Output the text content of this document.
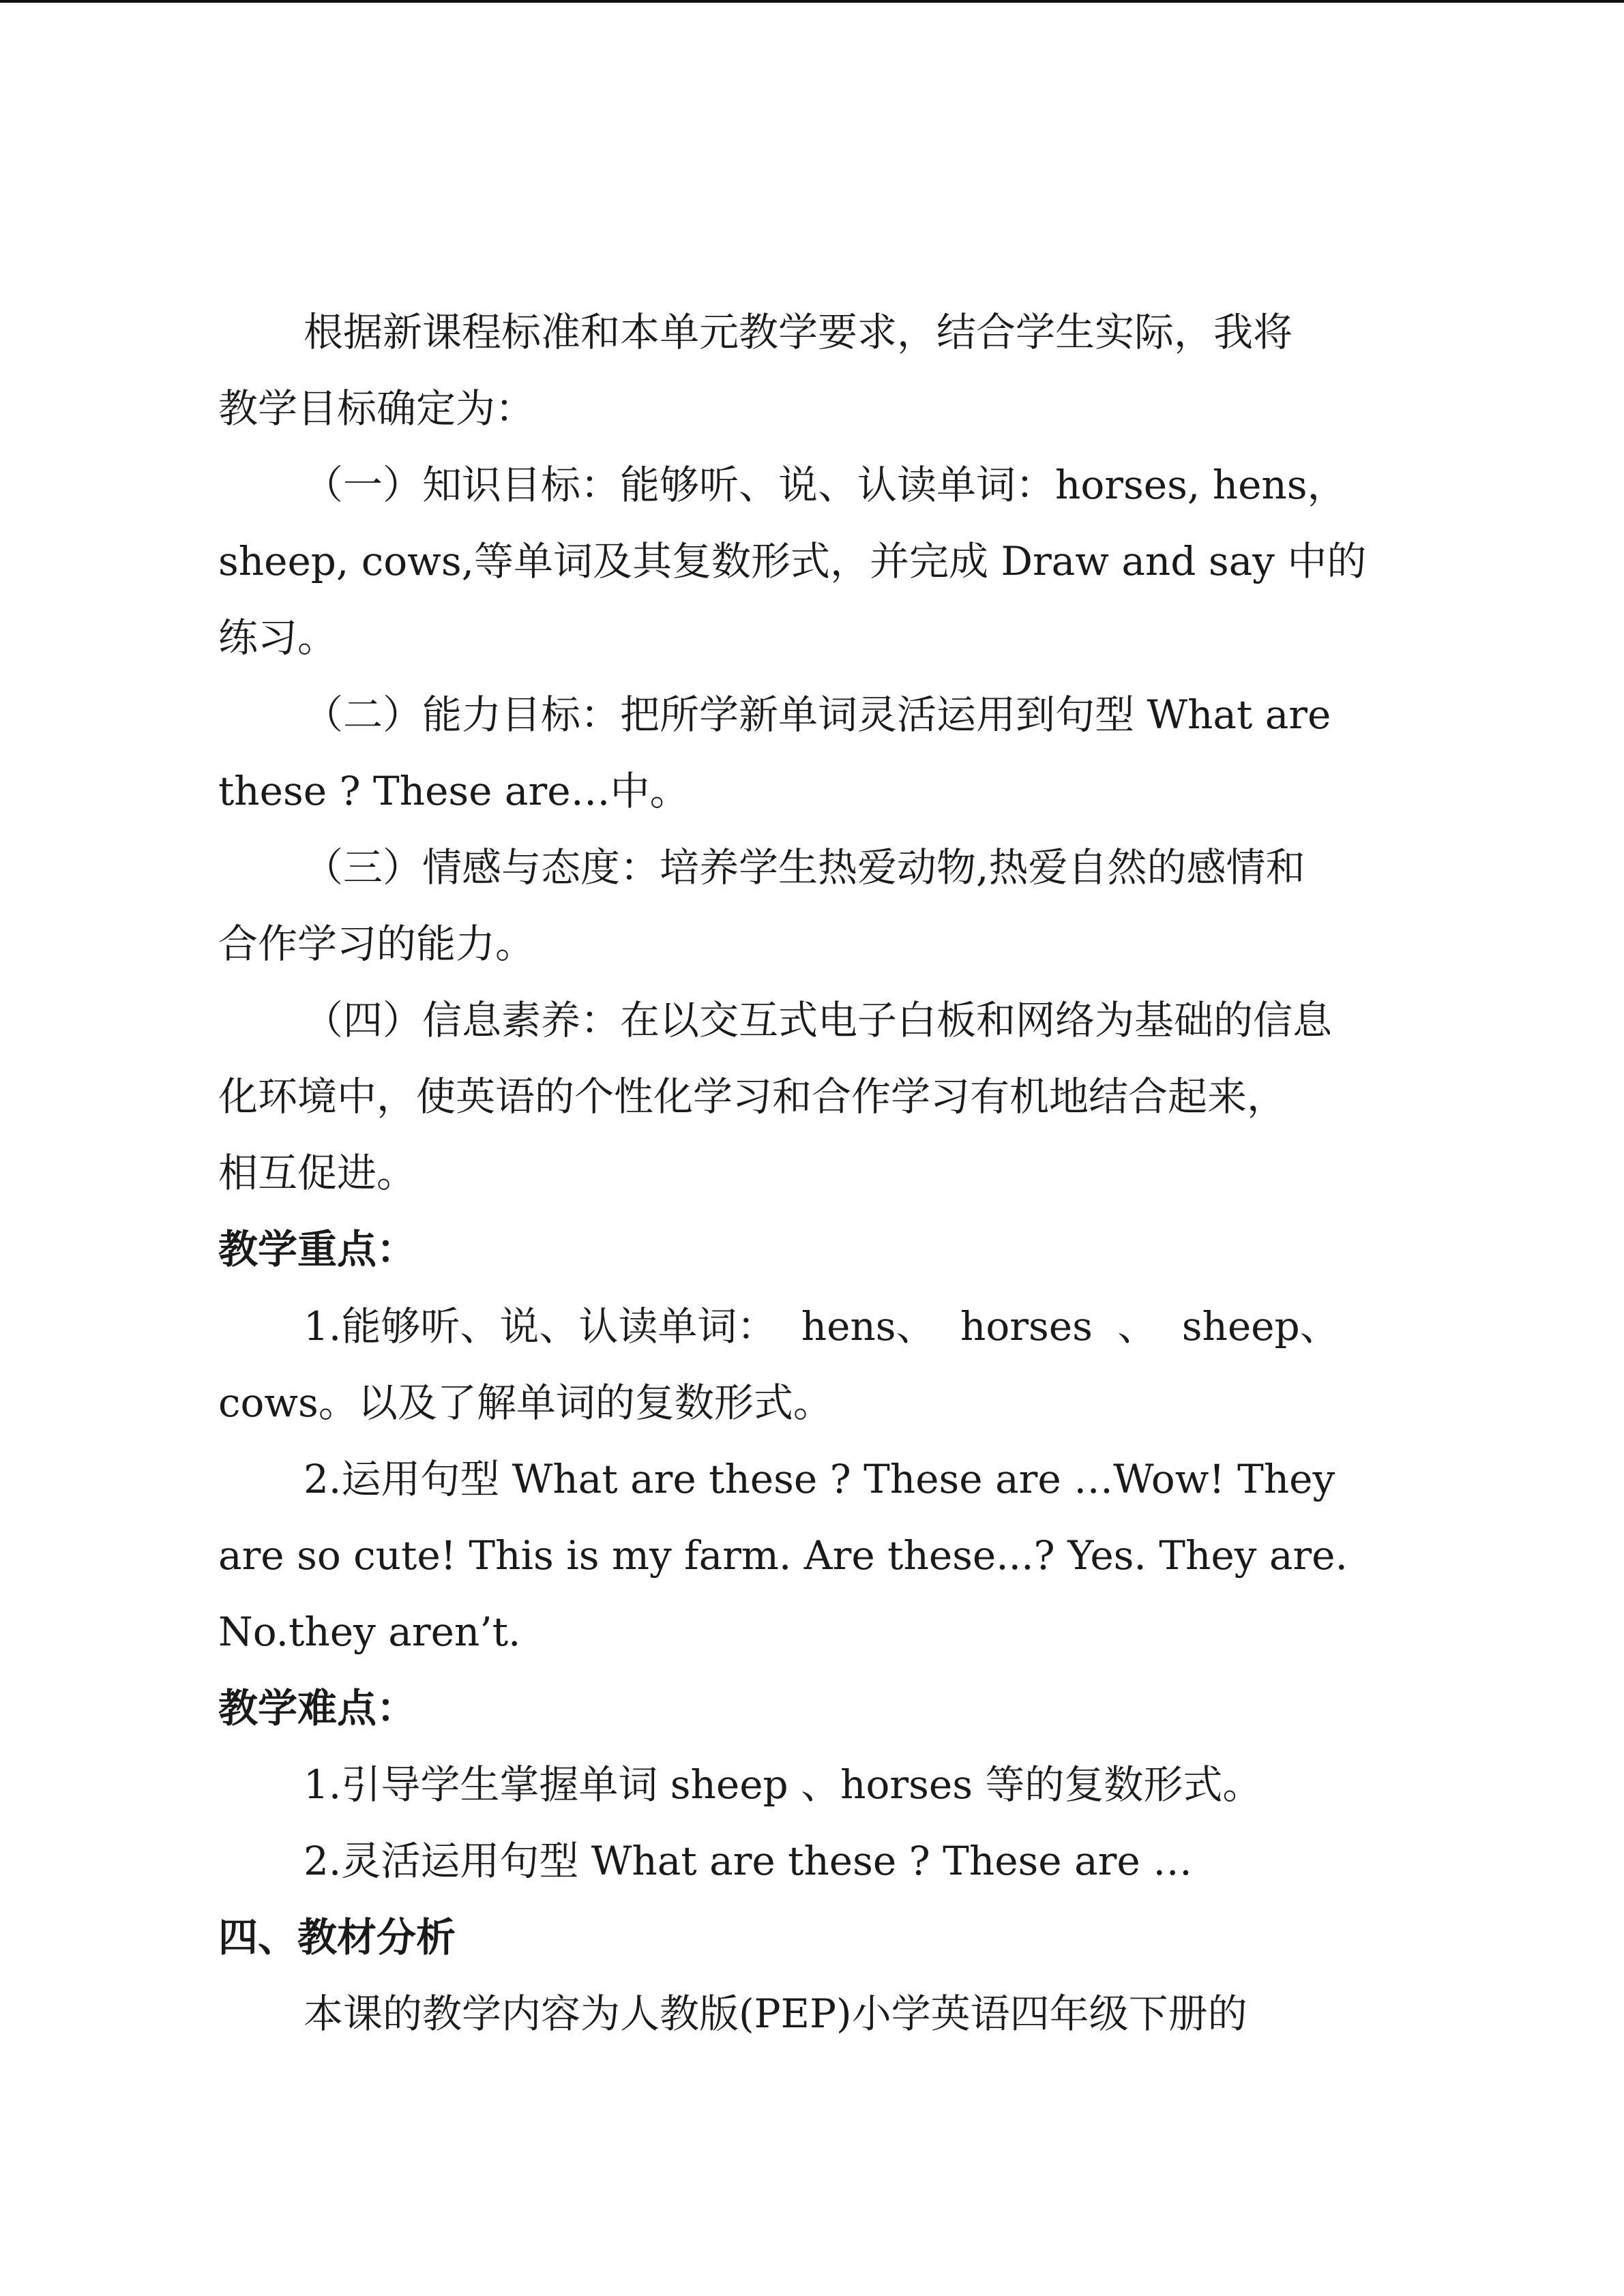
根据新课程标准和本单元教学要求，结合学生实际，我将
教学目标确定为：
（一）知识目标：能够听、说、认读单词：horses, hens，
sheep, cows,等单词及其复数形式，并完成 Draw and say 中的
练习。
（二）能力目标：把所学新单词灵活运用到句型 What are
these ? These are…中。
（三）情感与态度：培养学生热爱动物,热爱自然的感情和
合作学习的能力。
（四）信息素养：在以交互式电子白板和网络为基础的信息
化环境中，使英语的个性化学习和合作学习有机地结合起来，
相互促进。
教学重点：
1.能够听、说、认读单词： hens、 horses 、 sheep、
cows。以及了解单词的复数形式。
2.运用句型 What are these ? These are …Wow! They
are so cute! This is my farm. Are these...? Yes. They are.
No.they aren’t.
教学难点：
1.引导学生掌握单词 sheep 、horses 等的复数形式。
2.灵活运用句型 What are these ? These are …
四、教材分析
本课的教学内容为人教版(PEP)小学英语四年级下册的
